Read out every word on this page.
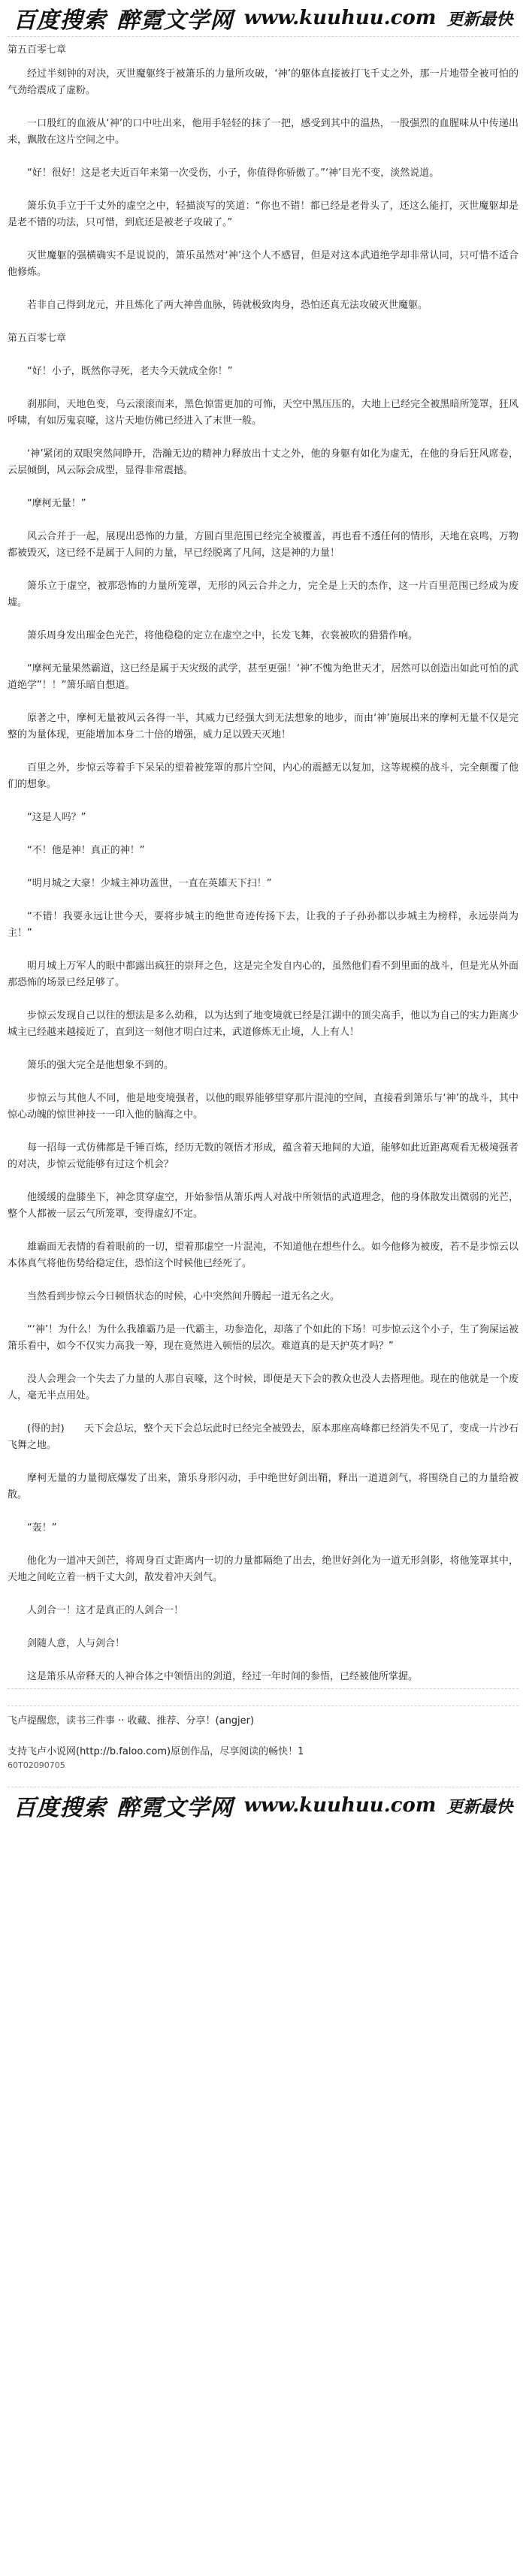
百度搜索 醉霓文学网 www.kuuhuu.com 更新最快
第五百零七章

经过半刻钟的对决，灭世魔躯终于被箫乐的力量所攻破，‘神’的躯体直接被打飞千丈之外，那一片地带全被可怕的气劲给震成了虚粉。

一口殷红的血液从‘神’的口中吐出来，他用手轻轻的抹了一把，感受到其中的温热，一股强烈的血腥味从中传递出来，飘散在这片空间之中。

“好！很好！这是老夫近百年来第一次受伤，小子，你值得你骄傲了。”‘神’目光不变，淡然说道。

箫乐负手立于千丈外的虚空之中，轻描淡写的笑道：“你也不错！都已经是老骨头了，还这么能打，灭世魔躯却是是老不错的功法，只可惜，到底还是被老子攻破了。”

灭世魔躯的强横确实不是说说的，箫乐虽然对‘神’这个人不感冒，但是对这本武道绝学却非常认同，只可惜不适合他修炼。

若非自己得到龙元，并且炼化了两大神兽血脉，铸就极致肉身，恐怕还真无法攻破灭世魔躯。

第五百零七章

“好！小子，既然你寻死，老夫今天就成全你！”

刹那间，天地色变，乌云滚滚而来，黑色惊雷更加的可怖，天空中黑压压的，大地上已经完全被黑暗所笼罩，狂风呼啸，有如厉鬼哀嚎，这片天地仿佛已经进入了末世一般。

‘神’紧闭的双眼突然间睁开，浩瀚无边的精神力释放出十丈之外，他的身躯有如化为虚无，在他的身后狂风席卷，云层倾倒，风云际会成型，显得非常震撼。

“摩柯无量！”

风云合并于一起，展现出恐怖的力量，方圆百里范围已经完全被覆盖，再也看不透任何的情形，天地在哀鸣，万物都被毁灭，这已经不是属于人间的力量，早已经脱离了凡间，这是神的力量！

箫乐立于虚空，被那恐怖的力量所笼罩，无形的风云合并之力，完全是上天的杰作，这一片百里范围已经成为废墟。

箫乐周身发出璀金色光芒，将他稳稳的定立在虚空之中，长发飞舞，衣裳被吹的猎猎作响。

“摩柯无量果然霸道，这已经是属于天灾级的武学，甚至更强！‘神’不愧为绝世天才，居然可以创造出如此可怕的武道绝学”！！”箫乐暗自想道。

原著之中，摩柯无量被风云各得一半，其威力已经强大到无法想象的地步，而由‘神’施展出来的摩柯无量不仅是完整的为量体现，更能增加本身二十倍的增强，威力足以毁天灭地！

百里之外，步惊云等着手下呆呆的望着被笼罩的那片空间，内心的震撼无以复加，这等规模的战斗，完全颠覆了他们的想象。

“这是人吗？”

“不！他是神！真正的神！”

“明月城之大豪！少城主神功盖世，一直在英雄天下扫！”

“不错！我要永远让世今天，要将步城主的绝世奇迹传扬下去，让我的子子孙孙都以步城主为榜样，永远崇尚为主！”

明月城上万军人的眼中都露出疯狂的崇拜之色，这是完全发自内心的，虽然他们看不到里面的战斗，但是光从外面那恐怖的场景已经足够了。

步惊云发现自己以往的想法是多么幼稚，以为达到了地变境就已经是江湖中的顶尖高手，他以为自己的实力距离少城主已经越来越接近了，直到这一刻他才明白过来，武道修炼无止境，人上有人！

箫乐的强大完全是他想象不到的。

步惊云与其他人不同，他是地变境强者，以他的眼界能够望穿那片混沌的空间，直接看到箫乐与‘神’的战斗，其中惊心动魄的惊世神技一一印入他的脑海之中。

每一招每一式仿佛都是千锤百炼，经历无数的领悟才形成，蕴含着天地间的大道，能够如此近距离观看无极境强者的对决，步惊云觉能够有过这个机会？

他缓缓的盘膝坐下，神念贯穿虚空，开始参悟从箫乐两人对战中所领悟的武道理念，他的身体散发出微弱的光芒，整个人都被一层云气所笼罩，变得虚幻不定。

雄霸面无表情的看着眼前的一切，望着那虚空一片混沌，不知道他在想些什么。如今他修为被废，若不是步惊云以本体真气将他伤势给稳定住，恐怕这个时候他已经死了。

当然看到步惊云今日顿悟状态的时候，心中突然间升腾起一道无名之火。

“‘神’！为什么！为什么我雄霸乃是一代霸主，功参造化，却落了个如此的下场！可步惊云这个小子，生了狗屎运被箫乐看中，如今不仅实力高我一筹，现在竟然进入顿悟的层次。难道真的是天护英才吗？”

没人会理会一个失去了力量的人那自哀嚎，这个时候，即便是天下会的教众也没人去搭理他。现在的他就是一个废人，毫无半点用处。

(得的封)　　天下会总坛，整个天下会总坛此时已经完全被毁去，原本那座高峰都已经消失不见了，变成一片沙石飞舞之地。

摩柯无量的力量彻底爆发了出来，箫乐身形闪动，手中绝世好剑出鞘，释出一道道剑气，将围绕自己的力量给被散。

“轰！”

他化为一道冲天剑芒，将周身百丈距离内一切的力量都隔绝了出去，绝世好剑化为一道无形剑影，将他笼罩其中，天地之间屹立着一柄千丈大剑，散发着冲天剑气。

人剑合一！这才是真正的人剑合一！

剑随人意，人与剑合！

这是箫乐从帝释天的人神合体之中领悟出的剑道，经过一年时间的参悟，已经被他所掌握。

飞卢提醒您，读书三件事 ·· 收藏、推荐、分享！(angjer)
支持飞卢小说网(http://b.faloo.com)原创作品，尽享阅读的畅快！1
60T02090705
百度搜索 醉霓文学网 www.kuuhuu.com 更新最快
